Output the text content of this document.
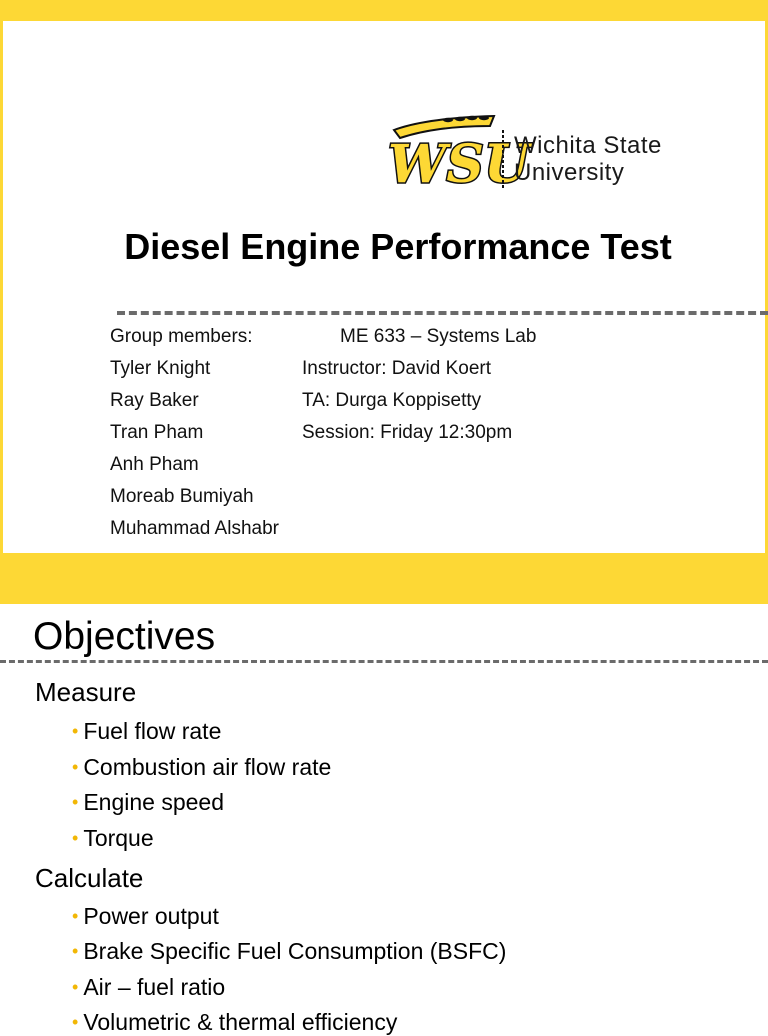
WSU
Wichita State
University
Diesel Engine Performance Test
Group members:
Tyler Knight
Ray Baker
Tran Pham
Anh Pham
Moreab Bumiyah
Muhammad Alshabr
ME 633 – Systems Lab
Instructor: David Koert
TA: Durga Koppisetty
Session: Friday 12:30pm
Objectives
Measure
• Fuel flow rate
• Combustion air flow rate
• Engine speed
• Torque
Calculate
• Power output
• Brake Specific Fuel Consumption (BSFC)
• Air – fuel ratio
• Volumetric & thermal efficiency
